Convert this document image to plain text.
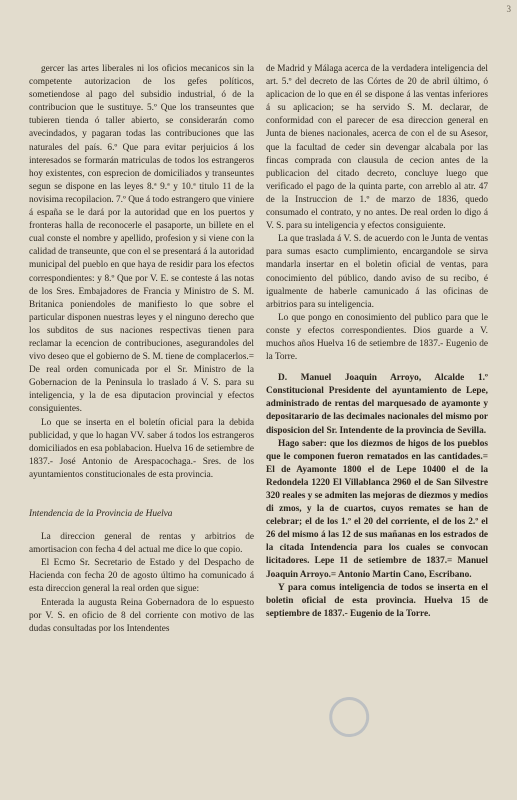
3

gercer las artes liberales ni los oficios mecanicos sin la competente autorizacion de los gefes políticos, sometiendose al pago del subsidio industrial, ó de la contribucion que le sustituye. 5.º Que los transeuntes que tubieren tienda ó taller abierto, se considerarán como avecindados, y pagaran todas las contribuciones que las naturales del país. 6.º Que para evitar perjuicios á los interesados se formarán matriculas de todos los estrangeros hoy existentes, con esprecion de domiciliados y transeuntes segun se dispone en las leyes 8.ª 9.ª y 10.ª titulo 11 de la novisima recopilacion. 7.º Que á todo estrangero que viniere á españa se le dará por la autoridad que en los puertos y fronteras halla de reconocerle el pasaporte, un billete en el cual conste el nombre y apellido, profesion y si viene con la calidad de transeunte, que con el se presentará á la autoridad municipal del pueblo en que haya de residir para los efectos correspondientes: y 8.º Que por V. E. se conteste á las notas de los Sres. Embajadores de Francia y Ministro de S. M. Britanica poniendoles de manifiesto lo que sobre el particular disponen nuestras leyes y el ninguno derecho que los subditos de sus naciones respectivas tienen para reclamar la ecencion de contribuciones, asegurandoles del vivo deseo que el gobierno de S. M. tiene de complacerlos.= De real orden comunicada por el Sr. Ministro de la Gobernacion de la Peninsula lo traslado á V. S. para su inteligencia, y la de esa diputacion provincial y efectos consiguientes.

Lo que se inserta en el boletín oficial para la debida publicidad, y que lo hagan VV. saber á todos los estrangeros domiciliados en esa poblabacion. Huelva 16 de setiembre de 1837.- José Antonio de Arespacochaga.- Sres. de los ayuntamientos constitucionales de esta provincia.

Intendencia de la Provincia de Huelva

La direccion general de rentas y arbitrios de amortisacion con fecha 4 del actual me dice lo que copio.

El Ecmo Sr. Secretario de Estado y del Despacho de Hacienda con fecha 20 de agosto último ha comunicado á esta direccion general la real orden que sigue:

Enterada la augusta Reina Gobernadora de lo espuesto por V. S. en oficio de 8 del corriente con motivo de las dudas consultadas por los Intendentes

de Madrid y Málaga acerca de la verdadera inteligencia del art. 5.º del decreto de las Córtes de 20 de abril último, ó aplicacion de lo que en él se dispone á las ventas inferiores á su aplicacion; se ha servido S. M. declarar, de conformidad con el parecer de esa direccion general en Junta de bienes nacionales, acerca de con el de su Asesor, que la facultad de ceder sin devengar alcabala por las fincas comprada con clausula de cecion antes de la publicacion del citado decreto, concluye luego que verificado el pago de la quinta parte, con arreblo al atr. 47 de la Instruccion de 1.º de marzo de 1836, quedo consumado el contrato, y no antes. De real orden lo digo á V. S. para su inteligencia y efectos consiguiente.

La que traslada á V. S. de acuerdo con le Junta de ventas para sumas esacto cumplimiento, encargandole se sirva mandarla insertar en el boletin oficial de ventas, para conocimiento del público, dando aviso de su recibo, é igualmente de haberle camunicado á las oficinas de arbitrios para su inteligencia.

Lo que pongo en conosimiento del publico para que le conste y efectos correspondientes. Dios guarde a V. muchos años Huelva 16 de setiembre de 1837.- Eugenio de la Torre.

D. Manuel Joaquin Arroyo, Alcalde 1.º Constitucional Presidente del ayuntamiento de Lepe, administrado de rentas del marquesado de ayamonte y depositarario de las decimales nacionales del mismo por disposicion del Sr. Intendente de la provincia de Sevilla.

Hago saber: que los diezmos de higos de los pueblos que le componen fueron rematados en las cantidades.= El de Ayamonte 1800 el de Lepe 10400 el de la Redondela 1220 El Villablanca 2960 el de San Silvestre 320 reales y se admiten las mejoras de diezmos y medios di zmos, y la de cuartos, cuyos remates se han de celebrar; el de los 1.º el 20 del corriente, el de los 2.º el 26 del mismo á las 12 de sus mañanas en los estrados de la citada Intendencia para los cuales se convocan licitadores. Lepe 11 de setiembre de 1837.= Manuel Joaquin Arroyo.= Antonio Martin Cano, Escribano.

Y para comus inteligencia de todos se inserta en el boletin oficial de esta provincia. Huelva 15 de septiembre de 1837.- Eugenio de la Torre.
